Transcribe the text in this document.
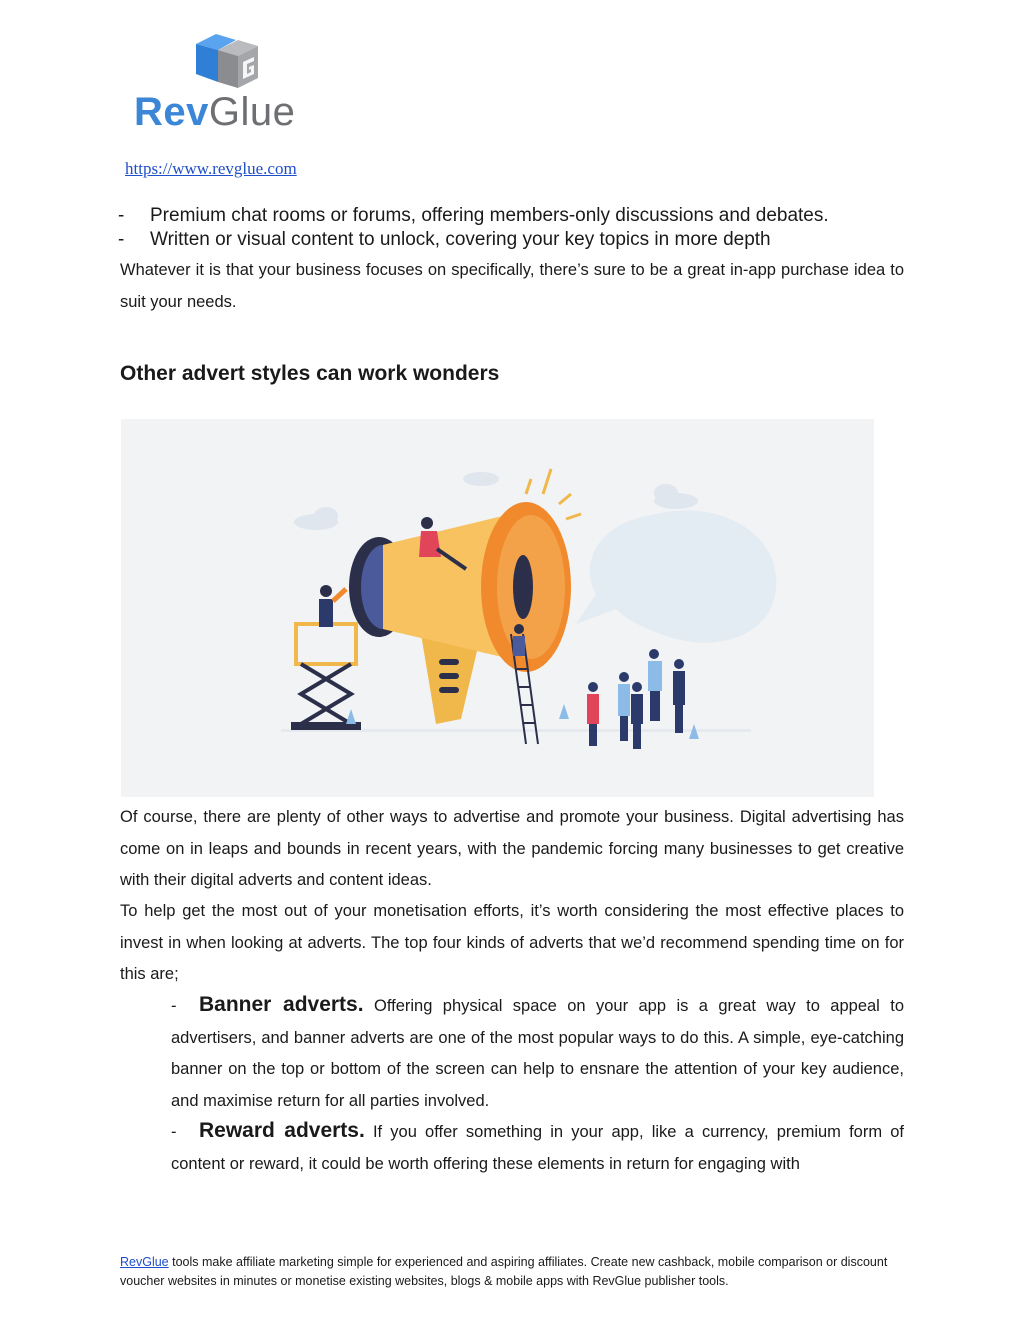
RevGlue
https://www.revglue.com
- Premium chat rooms or forums, offering members-only discussions and debates.
- Written or visual content to unlock, covering your key topics in more depth

Whatever it is that your business focuses on specifically, there’s sure to be a great in-app purchase idea to suit your needs.

Other advert styles can work wonders

Of course, there are plenty of other ways to advertise and promote your business. Digital advertising has come on in leaps and bounds in recent years, with the pandemic forcing many businesses to get creative with their digital adverts and content ideas.

To help get the most out of your monetisation efforts, it’s worth considering the most effective places to invest in when looking at adverts. The top four kinds of adverts that we’d recommend spending time on for this are;

- Banner adverts. Offering physical space on your app is a great way to appeal to advertisers, and banner adverts are one of the most popular ways to do this. A simple, eye-catching banner on the top or bottom of the screen can help to ensnare the attention of your key audience, and maximise return for all parties involved.

- Reward adverts. If you offer something in your app, like a currency, premium form of content or reward, it could be worth offering these elements in return for engaging with

RevGlue tools make affiliate marketing simple for experienced and aspiring affiliates. Create new cashback, mobile comparison or discount voucher websites in minutes or monetise existing websites, blogs & mobile apps with RevGlue publisher tools.
